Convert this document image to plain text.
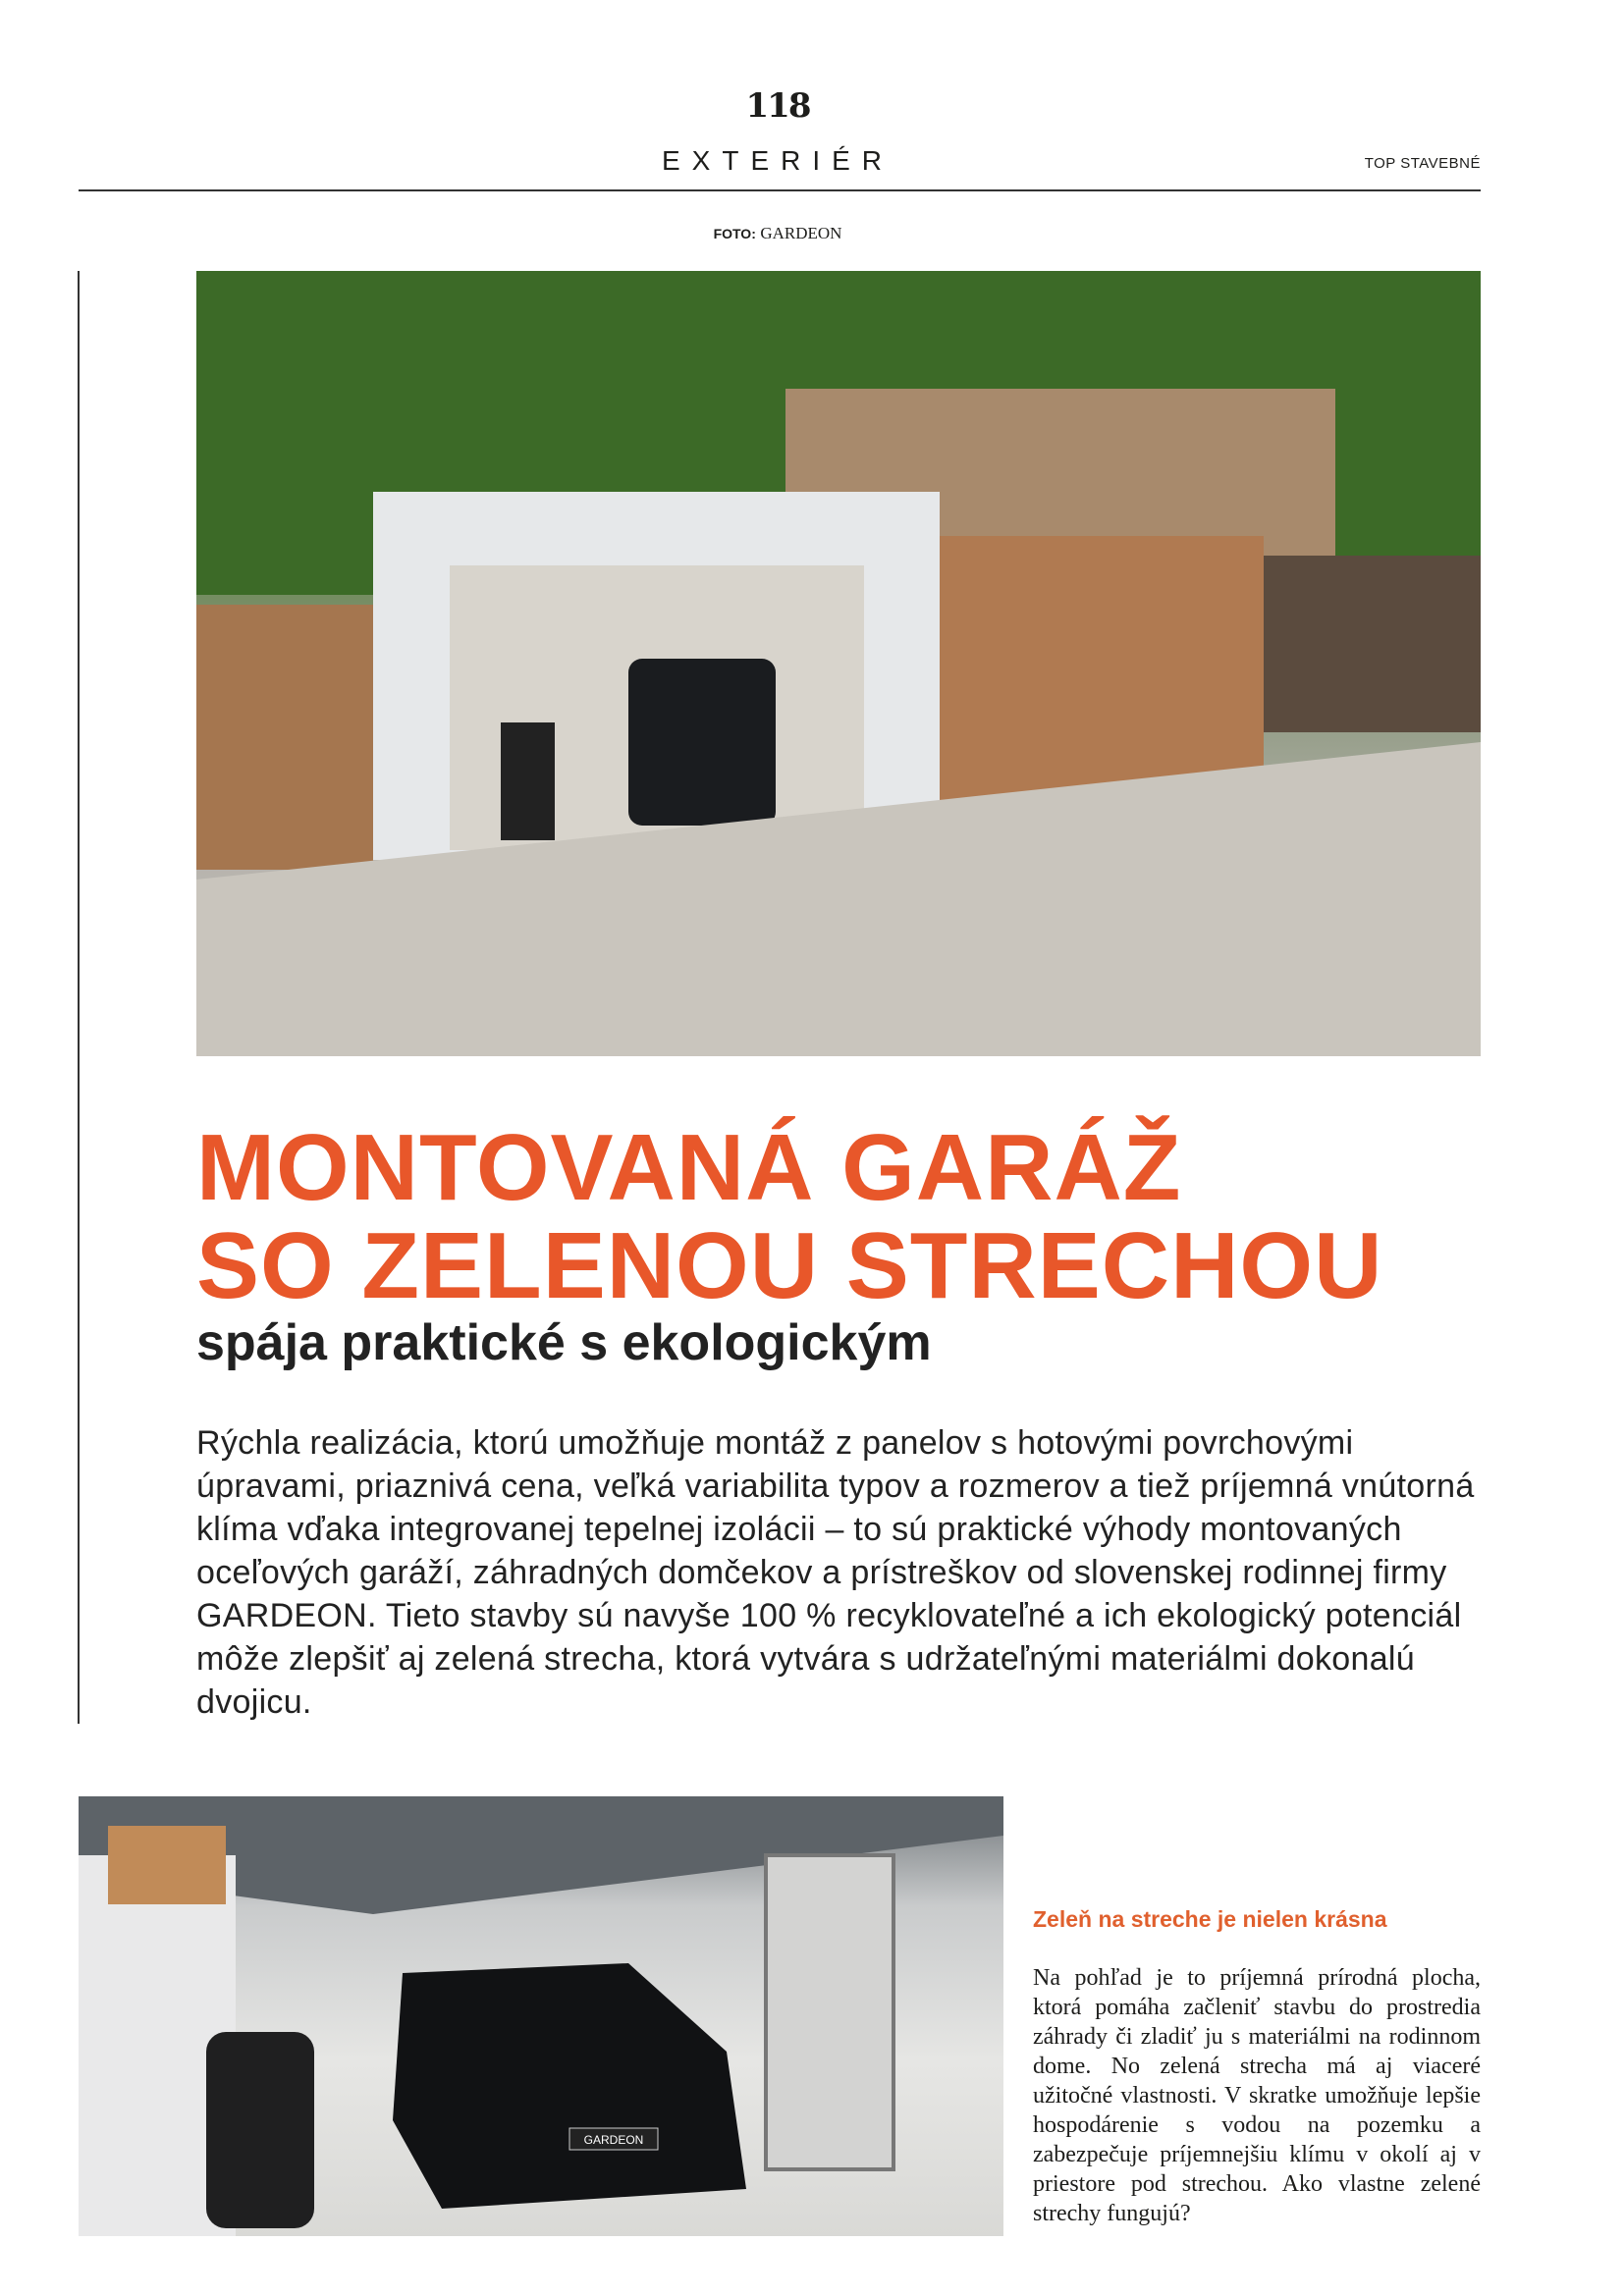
118
EXTERIÉR	TOP STAVEBNÉ
FOTO: GARDEON
MONTOVANÁ GARÁŽ
SO ZELENOU STRECHOU
spája praktické s ekologickým
Rýchla realizácia, ktorú umožňuje montáž z panelov s hotovými povrchovými úpravami, priaznivá cena, veľká variabilita typov a rozmerov a tiež príjemná vnútorná klíma vďaka integrovanej tepelnej izolácii – to sú praktické výhody montovaných oceľových garáží, záhradných domčekov a prístreškov od slovenskej rodinnej firmy GARDEON. Tieto stavby sú navyše 100 % recyklovateľné a ich ekologický potenciál môže zlepšiť aj zelená strecha, ktorá vytvára s udržateľnými materiálmi dokonalú dvojicu.
GARDEON
Zeleň na streche je nielen krásna
Na pohľad je to príjemná prírodná plocha, ktorá pomáha začleniť stavbu do prostredia záhrady či zladiť ju s materiálmi na rodinnom dome. No zelená strecha má aj viaceré užitočné vlastnosti. V skratke umožňuje lepšie hospodárenie s vodou na pozemku a zabezpečuje príjemnejšiu klímu v okolí aj v priestore pod strechou. Ako vlastne zelené strechy fungujú?
